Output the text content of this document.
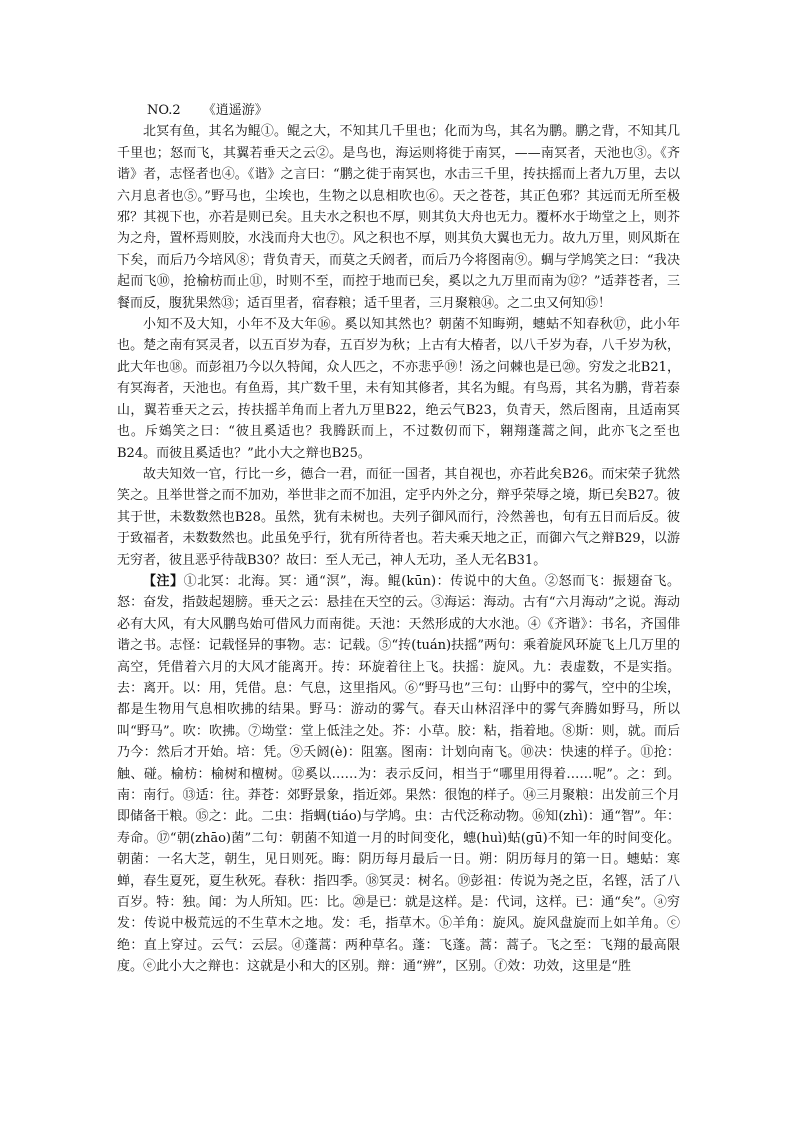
NO.2 《逍遥游》

北冥有鱼，其名为鲲①。鲲之大，不知其几千里也；化而为鸟，其名为鹏。鹏之背，不知其几千里也；怒而飞，其翼若垂天之云②。是鸟也，海运则将徙于南冥，——南冥者，天池也③。《齐谐》者，志怪者也④。《谐》之言曰：“鹏之徙于南冥也，水击三千里，抟扶摇而上者九万里，去以六月息者也⑤。”野马也，尘埃也，生物之以息相吹也⑥。天之苍苍，其正色邪？其远而无所至极邪？其视下也，亦若是则已矣。且夫水之积也不厚，则其负大舟也无力。覆杯水于坳堂之上，则芥为之舟，置杯焉则胶，水浅而舟大也⑦。风之积也不厚，则其负大翼也无力。故九万里，则风斯在下矣，而后乃今培风⑧；背负青天，而莫之夭阏者，而后乃今将图南⑨。蜩与学鸠笑之曰：“我决起而飞⑩，抢榆枋而止⑪，时则不至，而控于地而已矣，奚以之九万里而南为⑫？”适莽苍者，三餐而反，腹犹果然⑬；适百里者，宿舂粮；适千里者，三月聚粮⑭。之二虫又何知⑮！

小知不及大知，小年不及大年⑯。奚以知其然也？朝菌不知晦朔，蟪蛄不知春秋⑰，此小年也。楚之南有冥灵者，以五百岁为春，五百岁为秋；上古有大椿者，以八千岁为春，八千岁为秋，此大年也⑱。而彭祖乃今以久特闻，众人匹之，不亦悲乎⑲！汤之问棘也是已⑳。穷发之北B21，有冥海者，天池也。有鱼焉，其广数千里，未有知其修者，其名为鲲。有鸟焉，其名为鹏，背若泰山，翼若垂天之云，抟扶摇羊角而上者九万里B22，绝云气B23，负青天，然后图南，且适南冥也。斥鴳笑之曰：“彼且奚适也？我腾跃而上，不过数仞而下，翱翔蓬蒿之间，此亦飞之至也B24。而彼且奚适也？”此小大之辩也B25。

故夫知效一官，行比一乡，德合一君，而征一国者，其自视也，亦若此矣B26。而宋荣子犹然笑之。且举世誉之而不加劝，举世非之而不加沮，定乎内外之分，辩乎荣辱之境，斯已矣B27。彼其于世，未数数然也B28。虽然，犹有未树也。夫列子御风而行，泠然善也，旬有五日而后反。彼于致福者，未数数然也。此虽免乎行，犹有所待者也。若夫乘天地之正，而御六气之辩B29，以游无穷者，彼且恶乎待哉B30？故曰：至人无己，神人无功，圣人无名B31。

【注】①北冥：北海。冥：通“溟”，海。鲲(kūn)：传说中的大鱼。②怒而飞：振翅奋飞。怒：奋发，指鼓起翅膀。垂天之云：悬挂在天空的云。③海运：海动。古有“六月海动”之说。海动必有大风，有大风鹏鸟始可借风力而南徙。天池：天然形成的大水池。④《齐谐》：书名，齐国俳谐之书。志怪：记载怪异的事物。志：记载。⑤“抟(tuán)扶摇”两句：乘着旋风环旋飞上几万里的高空，凭借着六月的大风才能离开。抟：环旋着往上飞。扶摇：旋风。九：表虚数，不是实指。去：离开。以：用，凭借。息：气息，这里指风。⑥“野马也”三句：山野中的雾气，空中的尘埃，都是生物用气息相吹拂的结果。野马：游动的雾气。春天山林沼泽中的雾气奔腾如野马，所以叫“野马”。吹：吹拂。⑦坳堂：堂上低洼之处。芥：小草。胶：粘，指着地。⑧斯：则，就。而后乃今：然后才开始。培：凭。⑨夭阏(è)：阻塞。图南：计划向南飞。⑩决：快速的样子。⑪抢：触、碰。榆枋：榆树和檀树。⑫奚以……为：表示反问，相当于“哪里用得着……呢”。之：到。南：南行。⑬适：往。莽苍：郊野景象，指近郊。果然：很饱的样子。⑭三月聚粮：出发前三个月即储备干粮。⑮之：此。二虫：指蜩(tiáo)与学鸠。虫：古代泛称动物。⑯知(zhì)：通“智”。年：寿命。⑰“朝(zhāo)菌”二句：朝菌不知道一月的时间变化，蟪(huì)蛄(gū)不知一年的时间变化。朝菌：一名大芝，朝生，见日则死。晦：阴历每月最后一日。朔：阴历每月的第一日。蟪蛄：寒蝉，春生夏死，夏生秋死。春秋：指四季。⑱冥灵：树名。⑲彭祖：传说为尧之臣，名铿，活了八百岁。特：独。闻：为人所知。匹：比。⑳是已：就是这样。是：代词，这样。已：通“矣”。ⓐ穷发：传说中极荒远的不生草木之地。发：毛，指草木。ⓑ羊角：旋风。旋风盘旋而上如羊角。ⓒ绝：直上穿过。云气：云层。ⓓ蓬蒿：两种草名。蓬：飞蓬。蒿：蒿子。飞之至：飞翔的最高限度。ⓔ此小大之辩也：这就是小和大的区别。辩：通“辨”，区别。ⓕ效：功效，这里是“胜
